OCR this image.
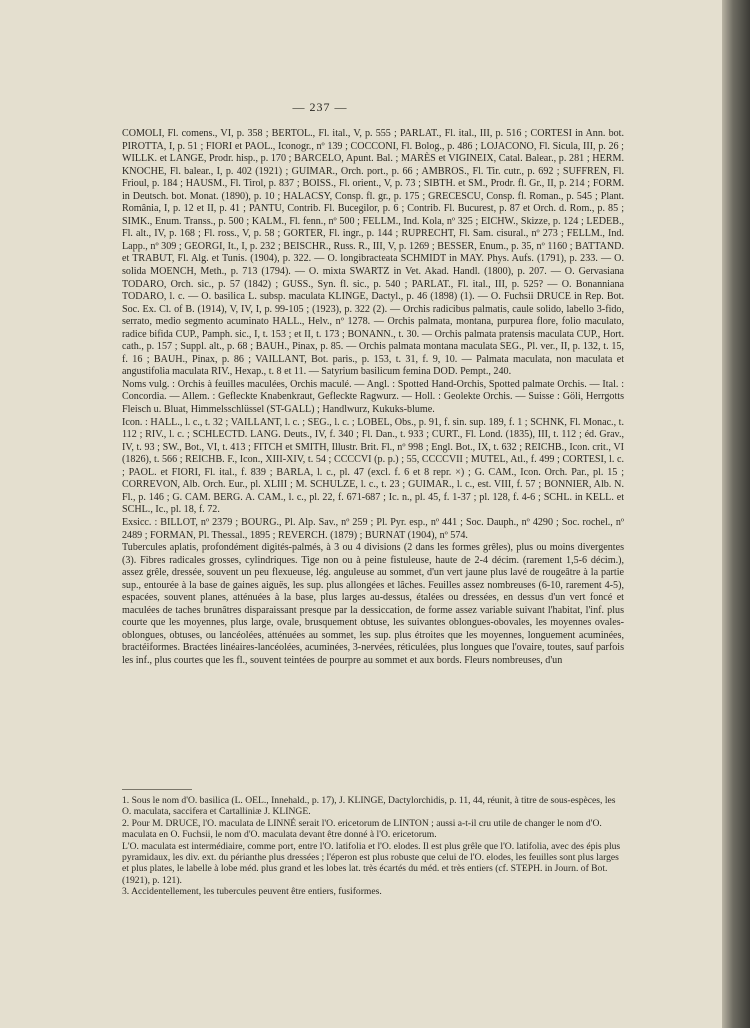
— 237 —

COMOLI, Fl. comens., VI, p. 358 ; BERTOL., Fl. ital., V, p. 555 ; PARLAT., Fl. ital., III, p. 516 ; CORTESI in Ann. bot. PIROTTA, I, p. 51 ; FIORI et PAOL., Iconogr., nº 139 ; COCCONI, Fl. Bolog., p. 486 ; LOJACONO, Fl. Sicula, III, p. 26 ; WILLK. et LANGE, Prodr. hisp., p. 170 ; BARCELO, Apunt. Bal. ; MARÈS et VIGINEIX, Catal. Balear., p. 281 ; HERM. KNOCHE, Fl. balear., I, p. 402 (1921) ; GUIMAR., Orch. port., p. 66 ; AMBROS., Fl. Tir. cutr., p. 692 ; SUFFREN, Fl. Frioul, p. 184 ; HAUSM., Fl. Tirol, p. 837 ; BOISS., Fl. orient., V, p. 73 ; SIBTH. et SM., Prodr. fl. Gr., II, p. 214 ; FORM. in Deutsch. bot. Monat. (1890), p. 10 ; HALACSY, Consp. fl. gr., p. 175 ; GRECESCU, Consp. fl. Roman., p. 545 ; Plant. România, I, p. 12 et II, p. 41 ; PANTU, Contrib. Fl. Bucegilor, p. 6 ; Contrib. Fl. Bucurest, p. 87 et Orch. d. Rom., p. 85 ; SIMK., Enum. Transs., p. 500 ; KALM., Fl. fenn., nº 500 ; FELLM., Ind. Kola, nº 325 ; EICHW., Skizze, p. 124 ; LEDEB., Fl. alt., IV, p. 168 ; Fl. ross., V, p. 58 ; GORTER, Fl. ingr., p. 144 ; RUPRECHT, Fl. Sam. cisural., nº 273 ; FELLM., Ind. Lapp., nº 309 ; GEORGI, It., I, p. 232 ; BEISCHR., Russ. R., III, V, p. 1269 ; BESSER, Enum., p. 35, nº 1160 ; BATTAND. et TRABUT, Fl. Alg. et Tunis. (1904), p. 322. — O. longibracteata SCHMIDT in MAY. Phys. Aufs. (1791), p. 233. — O. solida MOENCH, Meth., p. 713 (1794). — O. mixta SWARTZ in Vet. Akad. Handl. (1800), p. 207. — O. Gervasiana TODARO, Orch. sic., p. 57 (1842) ; GUSS., Syn. fl. sic., p. 540 ; PARLAT., Fl. ital., III, p. 525? — O. Bonanniana TODARO, l. c. — O. basilica L. subsp. maculata KLINGE, Dactyl., p. 46 (1898) (1). — O. Fuchsii DRUCE in Rep. Bot. Soc. Ex. Cl. of B. (1914), V, IV, I, p. 99-105 ; (1923), p. 322 (2). — Orchis radicibus palmatis, caule solido, labello 3-fido, serrato, medio segmento acuminato HALL., Helv., nº 1278. — Orchis palmata, montana, purpurea flore, folio maculato, radice bifida CUP., Pamph. sic., I, t. 153 ; et II, t. 173 ; BONANN., t. 30. — Orchis palmata pratensis maculata CUP., Hort. cath., p. 157 ; Suppl. alt., p. 68 ; BAUH., Pinax, p. 85. — Orchis palmata montana maculata SEG., Pl. ver., II, p. 132, t. 15, f. 16 ; BAUH., Pinax, p. 86 ; VAILLANT, Bot. paris., p. 153, t. 31, f. 9, 10. — Palmata maculata, non maculata et angustifolia maculata RIV., Hexap., t. 8 et 11. — Satyrium basilicum femina DOD. Pempt., 240.

Noms vulg. : Orchis à feuilles maculées, Orchis maculé. — Angl. : Spotted Hand-Orchis, Spotted palmate Orchis. — Ital. : Concordia. — Allem. : Gefleckte Knabenkraut, Gefleckte Ragwurz. — Holl. : Geolekte Orchis. — Suisse : Göli, Herrgotts Fleisch u. Bluat, Himmelsschlüssel (ST-GALL) ; Handlwurz, Kukuks-blume.

Icon. : HALL., l. c., t. 32 ; VAILLANT, l. c. ; SEG., l. c. ; LOBEL, Obs., p. 91, f. sin. sup. 189, f. 1 ; SCHNK, Fl. Monac., t. 112 ; RIV., l. c. ; SCHLECTD. LANG. Deuts., IV, f. 340 ; Fl. Dan., t. 933 ; CURT., Fl. Lond. (1835), III, t. 112 ; éd. Grav., IV, t. 93 ; SW., Bot., VI, t. 413 ; FITCH et SMITH, Illustr. Brit. Fl., nº 998 ; Engl. Bot., IX, t. 632 ; REICHB., Icon. crit., VI (1826), t. 566 ; REICHB. F., Icon., XIII-XIV, t. 54 ; CCCCVI (p. p.) ; 55, CCCCVII ; MUTEL, Atl., f. 499 ; CORTESI, l. c. ; PAOL. et FIORI, Fl. ital., f. 839 ; BARLA, l. c., pl. 47 (excl. f. 6 et 8 repr. ×) ; G. CAM., Icon. Orch. Par., pl. 15 ; CORREVON, Alb. Orch. Eur., pl. XLIII ; M. SCHULZE, l. c., t. 23 ; GUIMAR., l. c., est. VIII, f. 57 ; BONNIER, Alb. N. Fl., p. 146 ; G. CAM. BERG. A. CAM., l. c., pl. 22, f. 671-687 ; Ic. n., pl. 45, f. 1-37 ; pl. 128, f. 4-6 ; SCHL. in KELL. et SCHL., Ic., pl. 18, f. 72.

Exsicc. : BILLOT, nº 2379 ; BOURG., Pl. Alp. Sav., nº 259 ; Pl. Pyr. esp., nº 441 ; Soc. Dauph., nº 4290 ; Soc. rochel., nº 2489 ; FORMAN, Pl. Thessal., 1895 ; REVERCH. (1879) ; BURNAT (1904), nº 574.

Tubercules aplatis, profondément digités-palmés, à 3 ou 4 divisions (2 dans les formes grêles), plus ou moins divergentes (3). Fibres radicales grosses, cylindriques. Tige non ou à peine fistuleuse, haute de 2-4 décim. (rarement 1,5-6 décim.), assez grêle, dressée, souvent un peu flexueuse, lég. anguleuse au sommet, d'un vert jaune plus lavé de rougeâtre à la partie sup., entourée à la base de gaines aiguës, les sup. plus allongées et lâches. Feuilles assez nombreuses (6-10, rarement 4-5), espacées, souvent planes, atténuées à la base, plus larges au-dessus, étalées ou dressées, en dessus d'un vert foncé et maculées de taches brunâtres disparaissant presque par la dessiccation, de forme assez variable suivant l'habitat, l'inf. plus courte que les moyennes, plus large, ovale, brusquement obtuse, les suivantes oblongues-obovales, les moyennes ovales-oblongues, obtuses, ou lancéolées, atténuées au sommet, les sup. plus étroites que les moyennes, longuement acuminées, bractéiformes. Bractées linéaires-lancéolées, acuminées, 3-nervées, réticulées, plus longues que l'ovaire, toutes, sauf parfois les inf., plus courtes que les fl., souvent teintées de pourpre au sommet et aux bords. Fleurs nombreuses, d'un

1. Sous le nom d'O. basilica (L. OEL., Innehald., p. 17), J. KLINGE, Dactylorchidis, p. 11, 44, réunit, à titre de sous-espèces, les O. maculata, saccifera et Cartalliniæ J. KLINGE.

2. Pour M. DRUCE, l'O. maculata de LINNÉ serait l'O. ericetorum de LINTON ; aussi a-t-il cru utile de changer le nom d'O. maculata en O. Fuchsii, le nom d'O. maculata devant être donné à l'O. ericetorum.

L'O. maculata est intermédiaire, comme port, entre l'O. latifolia et l'O. elodes. Il est plus grêle que l'O. latifolia, avec des épis plus pyramidaux, les div. ext. du périanthe plus dressées ; l'éperon est plus robuste que celui de l'O. elodes, les feuilles sont plus larges et plus plates, le labelle à lobe méd. plus grand et les lobes lat. très écartés du méd. et très entiers (cf. STEPH. in Journ. of Bot. (1921), p. 121).

3. Accidentellement, les tubercules peuvent être entiers, fusiformes.
